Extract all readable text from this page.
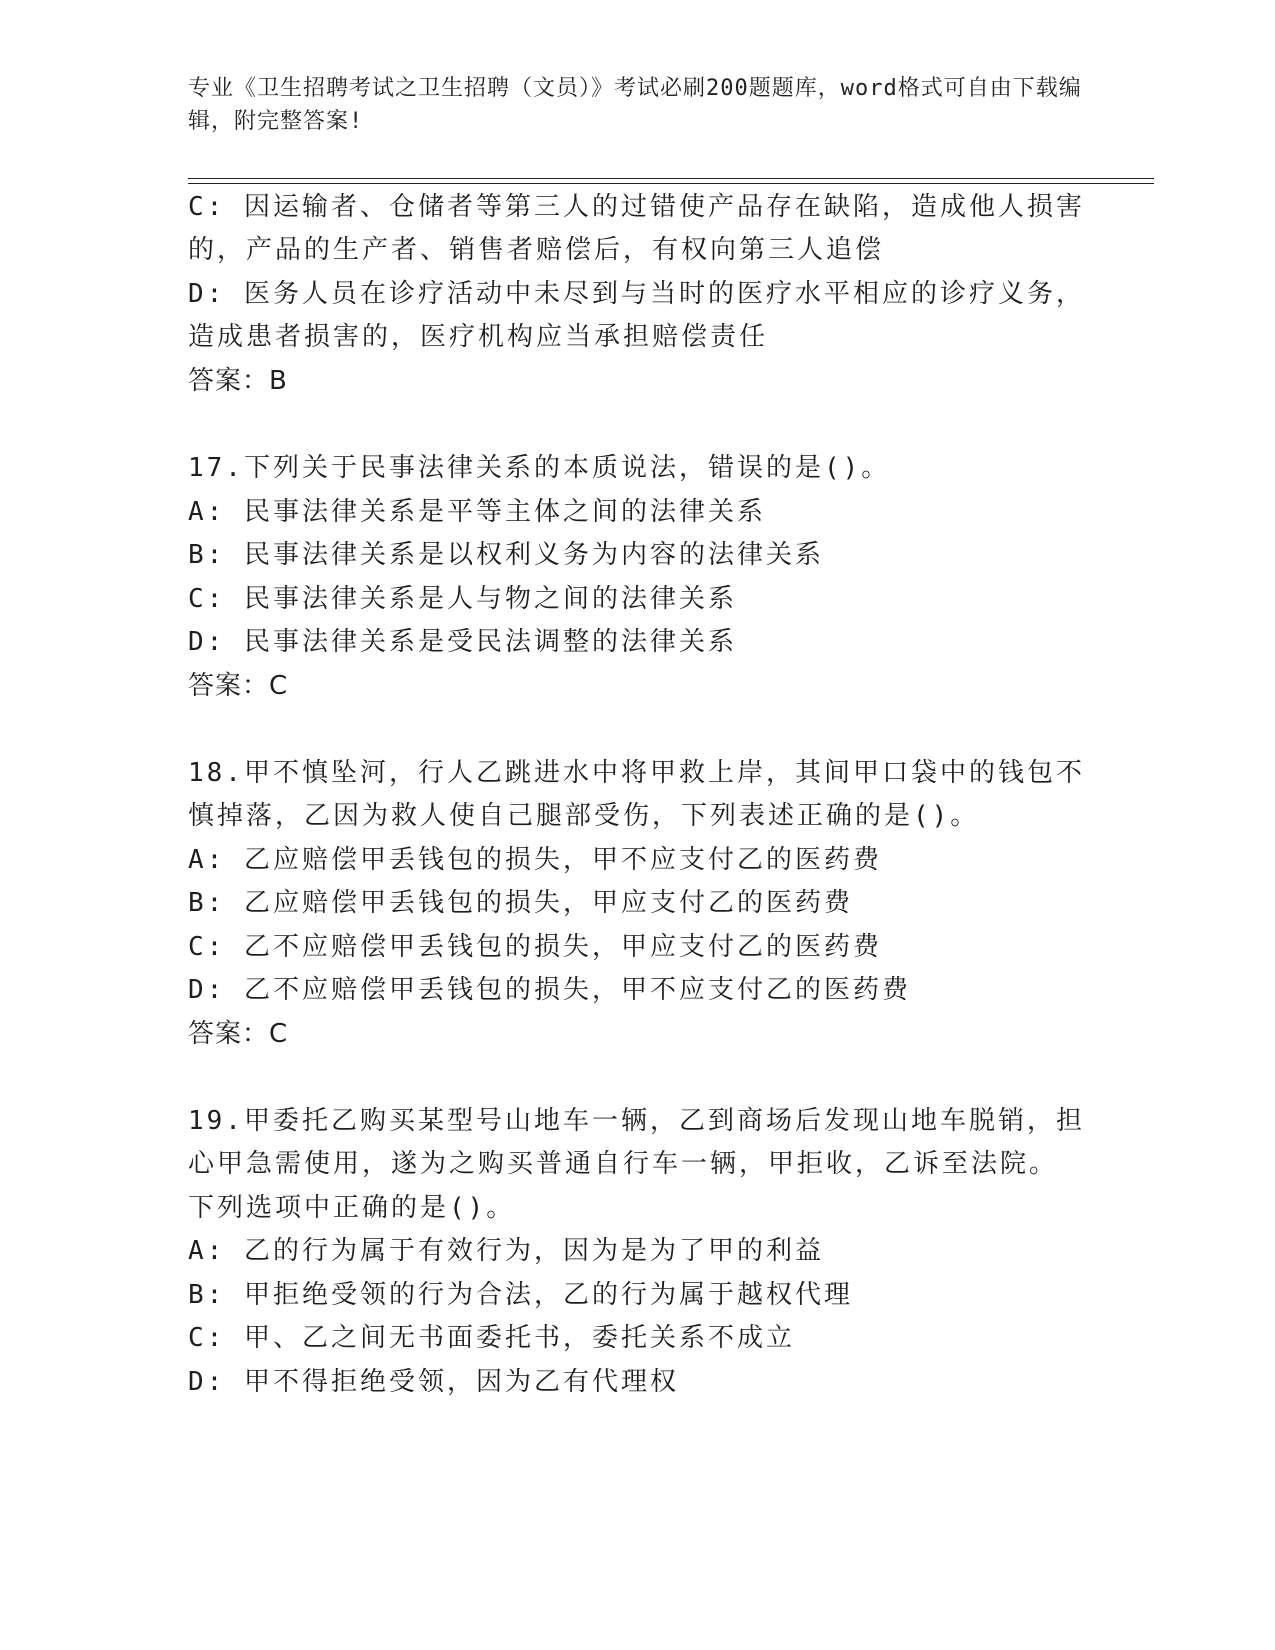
专业《卫生招聘考试之卫生招聘（文员）》考试必刷200题题库，word格式可自由下载编辑，附完整答案!
C: 因运输者、仓储者等第三人的过错使产品存在缺陷，造成他人损害
的，产品的生产者、销售者赔偿后，有权向第三人追偿
D: 医务人员在诊疗活动中未尽到与当时的医疗水平相应的诊疗义务，
造成患者损害的，医疗机构应当承担赔偿责任
答案：B
17.下列关于民事法律关系的本质说法，错误的是()。
A: 民事法律关系是平等主体之间的法律关系
B: 民事法律关系是以权利义务为内容的法律关系
C: 民事法律关系是人与物之间的法律关系
D: 民事法律关系是受民法调整的法律关系
答案：C
18.甲不慎坠河，行人乙跳进水中将甲救上岸，其间甲口袋中的钱包不
慎掉落，乙因为救人使自己腿部受伤，下列表述正确的是()。
A: 乙应赔偿甲丢钱包的损失，甲不应支付乙的医药费
B: 乙应赔偿甲丢钱包的损失，甲应支付乙的医药费
C: 乙不应赔偿甲丢钱包的损失，甲应支付乙的医药费
D: 乙不应赔偿甲丢钱包的损失，甲不应支付乙的医药费
答案：C
19.甲委托乙购买某型号山地车一辆，乙到商场后发现山地车脱销，担
心甲急需使用，遂为之购买普通自行车一辆，甲拒收，乙诉至法院。
下列选项中正确的是()。
A: 乙的行为属于有效行为，因为是为了甲的利益
B: 甲拒绝受领的行为合法，乙的行为属于越权代理
C: 甲、乙之间无书面委托书，委托关系不成立
D: 甲不得拒绝受领，因为乙有代理权
